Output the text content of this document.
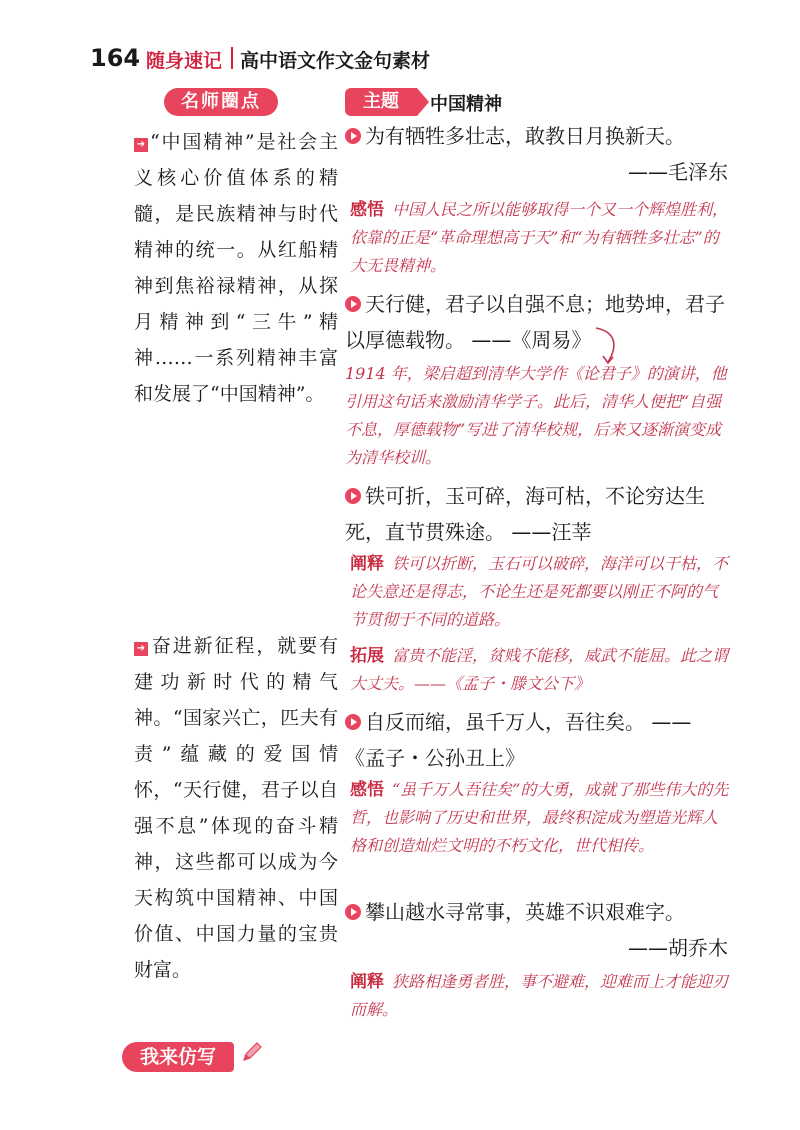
164 随身速记 高中语文作文金句素材
名师圈点	主题	中国精神
➔ “中国精神”是社会主义核心价值体系的精髓，是民族精神与时代精神的统一。从红船精神到焦裕禄精神，从探月精神到“三牛”精神……一系列精神丰富和发展了“中国精神”。
➔ 奋进新征程，就要有建功新时代的精气神。“国家兴亡，匹夫有责”蕴藏的爱国情怀，“天行健，君子以自强不息”体现的奋斗精神，这些都可以成为今天构筑中国精神、中国价值、中国力量的宝贵财富。
为有牺牲多壮志，敢教日月换新天。
——毛泽东
感悟 中国人民之所以能够取得一个又一个辉煌胜利，依靠的正是“革命理想高于天”和“为有牺牲多壮志”的大无畏精神。
天行健，君子以自强不息；地势坤，君子以厚德载物。 ——《周易》
1914 年，梁启超到清华大学作《论君子》的演讲，他引用这句话来激励清华学子。此后，清华人便把“自强不息，厚德载物”写进了清华校规，后来又逐渐演变成为清华校训。
铁可折，玉可碎，海可枯，不论穷达生死，直节贯殊途。 ——汪莘
阐释 铁可以折断，玉石可以破碎，海洋可以干枯，不论失意还是得志，不论生还是死都要以刚正不阿的气节贯彻于不同的道路。
拓展 富贵不能淫，贫贱不能移，威武不能屈。此之谓大丈夫。——《孟子・滕文公下》
自反而缩，虽千万人，吾往矣。 ——《孟子・公孙丑上》
感悟 “虽千万人吾往矣”的大勇，成就了那些伟大的先哲，也影响了历史和世界，最终积淀成为塑造光辉人格和创造灿烂文明的不朽文化，世代相传。
攀山越水寻常事，英雄不识艰难字。
——胡乔木
阐释 狭路相逢勇者胜，事不避难，迎难而上才能迎刃而解。
我来仿写
